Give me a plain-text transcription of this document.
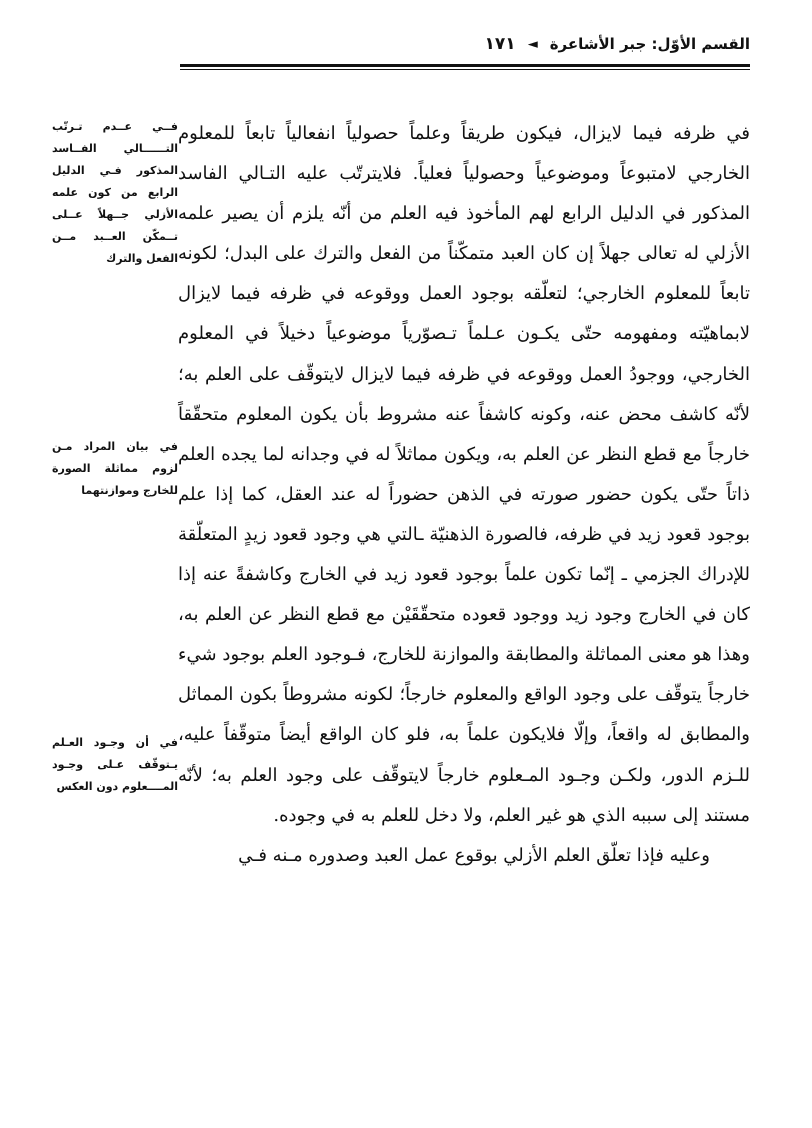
القسم الأوّل: جبر الأشاعرة
◄
١٧١
فــي عــدم تـرتّب التــــــالي الفــاسد المذكور فـي الدليل الرابع من كون علمه الأزلي جــهلاً عــلى تــمكّن العــبد مــن الفعل والترك
في بيان المراد مـن لزوم مماثلة الصورة للخارج وموازنتهما
في أن وجـود العـلم يـتوقّف عـلى وجـود المــــعلوم دون العكس

في ظرفه فيما لايزال، فيكون طريقاً وعلماً حصولياً انفعالياً تابعاً للمعلوم الخارجي لامتبوعاً وموضوعياً وحصولياً فعلياً. فلايترتّب عليه التـالي الفاسد المذكور في الدليل الرابع لهم المأخوذ فيه العلم من أنّه يلزم أن يصير علمه الأزلي له تعالى جهلاً إن كان العبد متمكّناً من الفعل والترك على البدل؛ لكونه تابعاً للمعلوم الخارجي؛ لتعلّقه بوجود العمل ووقوعه في ظرفه فيما لايزال لابماهيّته ومفهومه حتّى يكـون عـلماً تـصوّرياً موضوعياً دخيلاً في المعلوم الخارجي، ووجودُ العمل ووقوعه في ظرفه فيما لايزال لايتوقّف على العلم به؛ لأنّه كاشف محض عنه، وكونه كاشفاً عنه مشروط بأن يكون المعلوم متحقّقاً خارجاً مع قطع النظر عن العلم به، ويكون مماثلاً له في وجدانه لما يجده العلم ذاتاً حتّى يكون حضور صورته في الذهن حضوراً له عند العقل، كما إذا علم بوجود قعود زيد في ظرفه، فالصورة الذهنيّة ـالتي هي وجود قعود زيدٍ المتعلّقة للإدراك الجزمي ـ إنّما تكون علماً بوجود قعود زيد في الخارج وكاشفةً عنه إذا كان في الخارج وجود زيد ووجود قعوده متحقّقَيْن مع قطع النظر عن العلم به، وهذا هو معنى المماثلة والمطابقة والموازنة للخارج، فـوجود العلم بوجود شيء خارجاً يتوقّف على وجود الواقع والمعلوم خارجاً؛ لكونه مشروطاً بكون المماثل والمطابق له واقعاً، وإلّا فلايكون علماً به، فلو كان الواقع أيضاً متوقّفاً عليه، للـزم الدور، ولكـن وجـود المـعلوم خارجاً لايتوقّف على وجود العلم به؛ لأنّه مستند إلى سببه الذي هو غير العلم، ولا دخل للعلم به في وجوده.

وعليه فإذا تعلّق العلم الأزلي بوقوع عمل العبد وصدوره مـنه فـي
